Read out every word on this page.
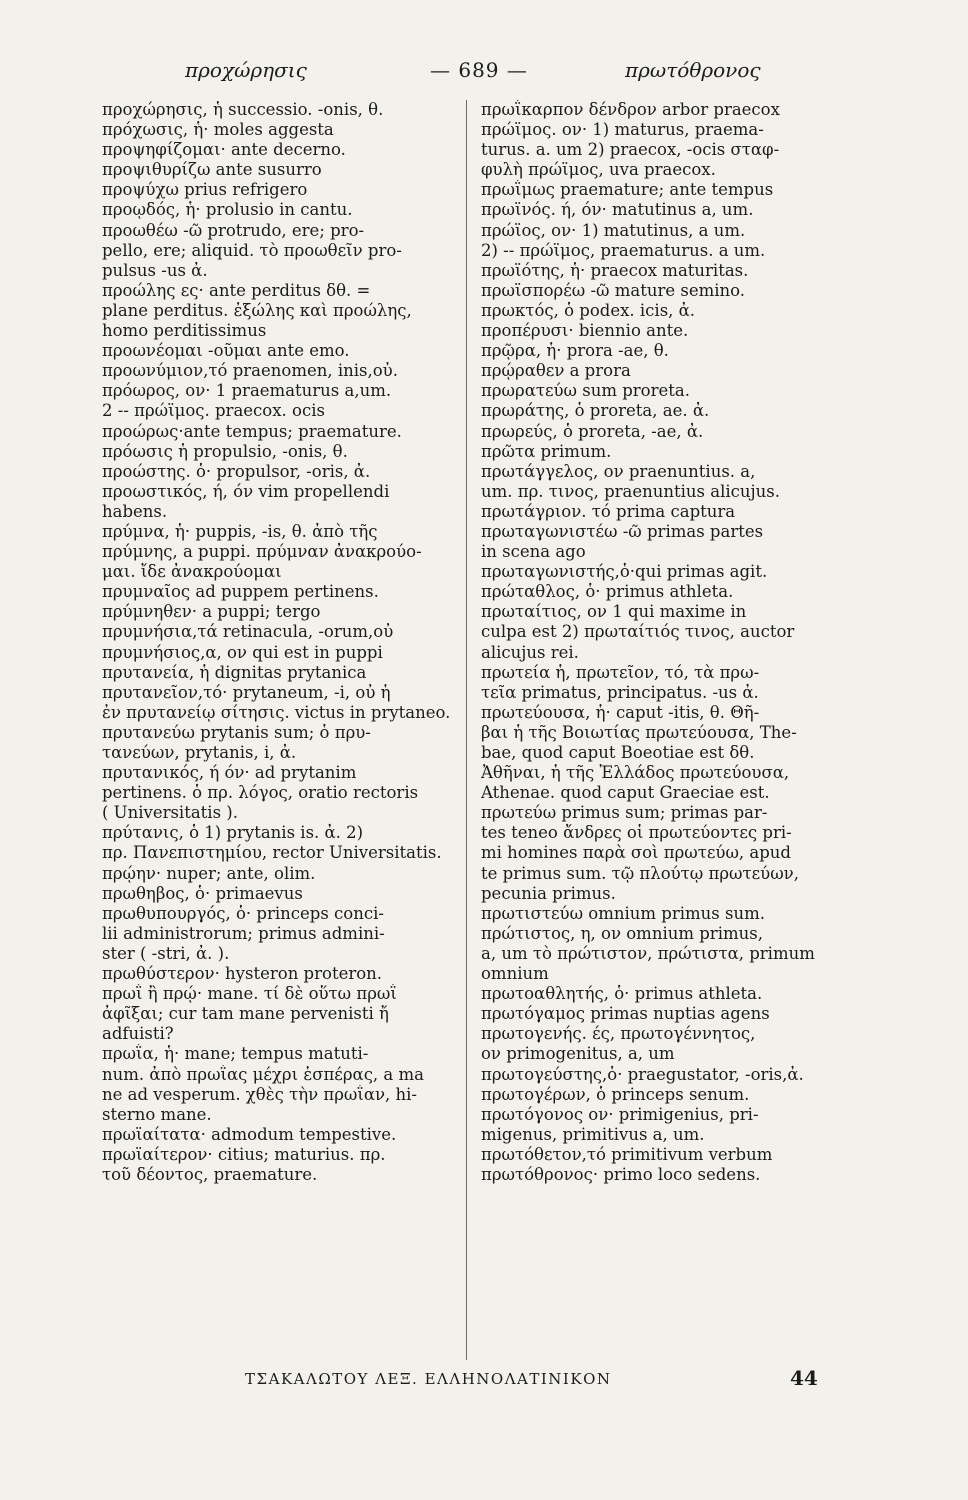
προχώρησις	— 689 —	πρωτόθρονος
προχώρησις, ἡ successio. -onis, θ.
πρόχωσις, ἡ· moles aggesta
προψηφίζομαι· ante decerno.
προψιθυρίζω ante susurro
προψύχω prius refrigero
προῳδός, ἡ· prolusio in cantu.
προωθέω -ῶ protrudo, ere; pro-
pello, ere; aliquid. τὸ προωθεῖν pro-
pulsus -us ἀ.
προώλης ες· ante perditus δθ. =
plane perditus. ἐξώλης καὶ προώλης,
homo perditissimus
προωνέομαι -οῦμαι ante emo.
προωνύμιον,τό praenomen, inis,οὐ.
πρόωρος, ον· 1 praematurus a,um.
2 -- πρώϊμος. praecox. ocis
προώρως·ante tempus; praemature.
πρόωσις ἡ propulsio, -onis, θ.
προώστης. ὁ· propulsor, -oris, ἀ.
προωστικός, ή, όν vim propellendi
habens.
πρύμνα, ἡ· puppis, -is, θ. ἀπὸ τῆς
πρύμνης, a puppi. πρύμναν ἀνακρούο-
μαι. ἴδε ἀνακρούομαι
πρυμναῖος ad puppem pertinens.
πρύμνηθεν· a puppi; tergo
πρυμνήσια,τά retinacula, -orum,οὐ
πρυμνήσιος,α, ον qui est in puppi
πρυτανεία, ἡ dignitas prytanica
πρυτανεῖον,τό· prytaneum, -i, οὐ ἡ
ἐν πρυτανείῳ σίτησις. victus in prytaneo.
πρυτανεύω prytanis sum; ὁ πρυ-
τανεύων, prytanis, i, ἀ.
πρυτανικός, ή όν· ad prytanim
pertinens. ὁ πρ. λόγος, oratio rectoris
( Universitatis ).
πρύτανις, ὁ 1) prytanis is. ἀ. 2)
πρ. Πανεπιστημίου, rector Universitatis.
πρῴην· nuper; ante, olim.
πρωθηβος, ὁ· primaevus
πρωθυπουργός, ὁ· princeps conci-
lii administrorum; primus admini-
ster ( -stri, ἀ. ).
πρωθύστερον· hysteron proteron.
πρωΐ ἢ πρῴ· mane. τί δὲ οὕτω πρωΐ
ἀφῖξαι; cur tam mane pervenisti ἤ
adfuisti?
πρωΐα, ἡ· mane; tempus matuti-
num. ἀπὸ πρωΐας μέχρι ἑσπέρας, a ma
ne ad vesperum. χθὲς τὴν πρωΐαν, hi-
sterno mane.
πρωϊαίτατα· admodum tempestive.
πρωϊαίτερον· citius; maturius. πρ.
τοῦ δέοντος, praemature.
πρωΐκαρπον δένδρον arbor praecox
πρώϊμος. ον· 1) maturus, praema-
turus. a. um 2) praecox, -ocis σταφ-
φυλὴ πρώϊμος, uva praecox.
πρωΐμως praemature; ante tempus
πρωϊνός. ή, όν· matutinus a, um.
πρώϊος, ον· 1) matutinus, a um.
2) -- πρώϊμος, praematurus. a um.
πρωϊότης, ἡ· praecox maturitas.
πρωϊσπορέω -ῶ mature semino.
πρωκτός, ὁ podex. icis, ἀ.
προπέρυσι· biennio ante.
πρῷρα, ἡ· prora -ae, θ.
πρῴραθεν a prora
πρωρατεύω sum proreta.
πρωράτης, ὁ proreta, ae. ἀ.
πρωρεύς, ὁ proreta, -ae, ἀ.
πρῶτα primum.
πρωτάγγελος, ον praenuntius. a,
um. πρ. τινος, praenuntius alicujus.
πρωτάγριον. τό prima captura
πρωταγωνιστέω -ῶ primas partes
in scena ago
πρωταγωνιστής,ὁ·qui primas agit.
πρώταθλος, ὁ· primus athleta.
πρωταίτιος, ον 1 qui maxime in
culpa est 2) πρωταίτιός τινος, auctor
alicujus rei.
πρωτεία ἡ, πρωτεῖον, τό, τὰ πρω-
τεῖα primatus, principatus. -us ἀ.
πρωτεύουσα, ἡ· caput -itis, θ. Θῆ-
βαι ἡ τῆς Βοιωτίας πρωτεύουσα, The-
bae, quod caput Boeotiae est δθ.
Ἀθῆναι, ἡ τῆς Ἑλλάδος πρωτεύουσα,
Athenae. quod caput Graeciae est.
πρωτεύω primus sum; primas par-
tes teneo ἄνδρες οἱ πρωτεύοντες pri-
mi homines παρὰ σοὶ πρωτεύω, apud
te primus sum. τῷ πλούτῳ πρωτεύων,
pecunia primus.
πρωτιστεύω omnium primus sum.
πρώτιστος, η, ον omnium primus,
a, um τὸ πρώτιστον, πρώτιστα, primum
omnium
πρωτοαθλητής, ὁ· primus athleta.
πρωτόγαμος primas nuptias agens
πρωτογενής. ές, πρωτογέννητος,
ον primogenitus, a, um
πρωτογεύστης,ὁ· praegustator, -oris,ἀ.
πρωτογέρων, ὁ princeps senum.
πρωτόγονος ον· primigenius, pri-
migenus, primitivus a, um.
πρωτόθετον,τό primitivum verbum
πρωτόθρονος· primo loco sedens.
ΤΣΑΚΑΛΩΤΟΥ ΛΕΞ. ΕΛΛΗΝΟΛΑΤΙΝΙΚΟΝ	44
